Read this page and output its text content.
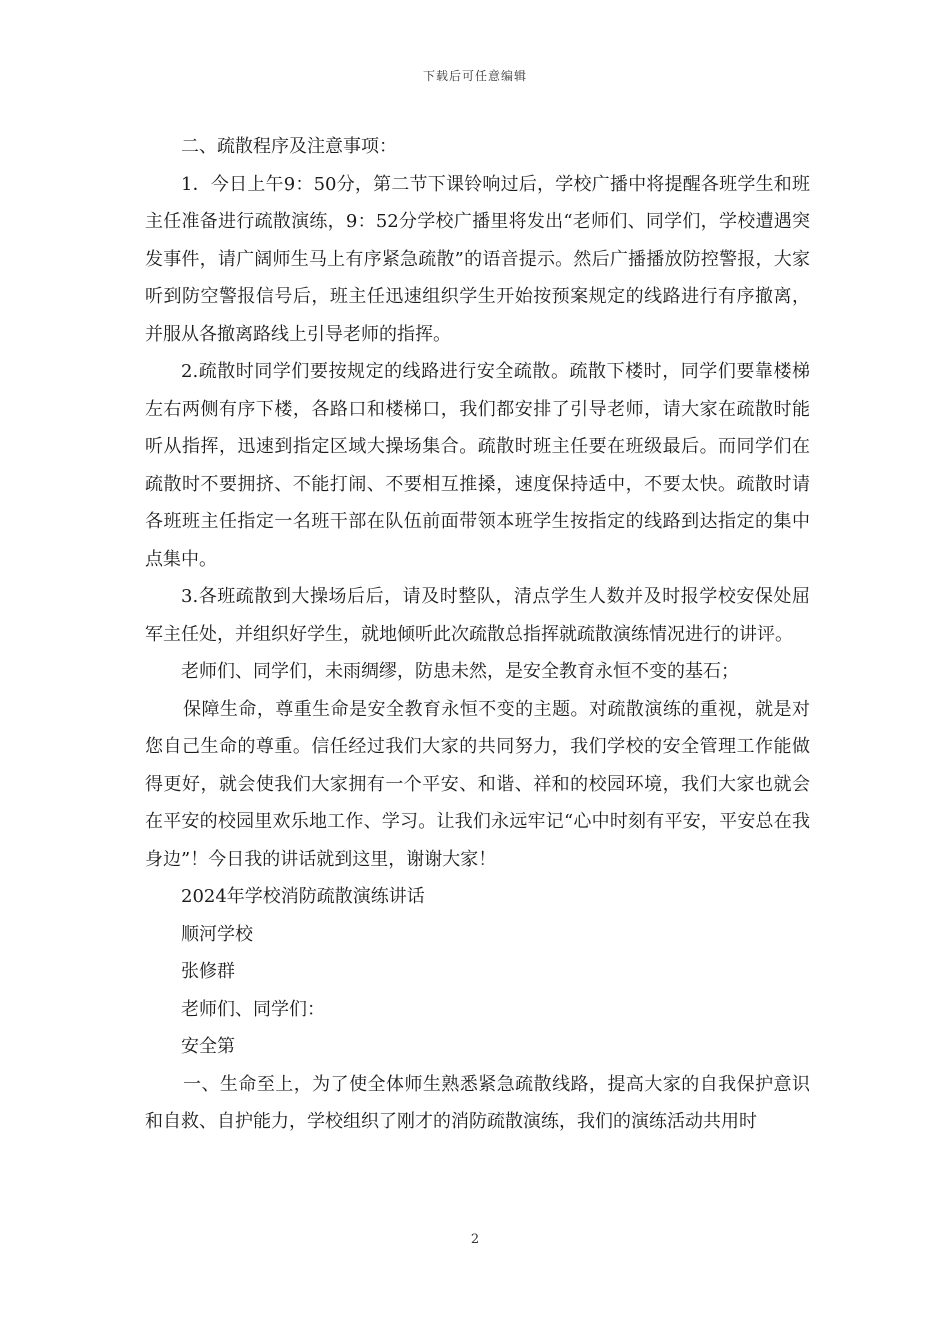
下载后可任意编辑

二、疏散程序及注意事项：

1．今日上午9：50分，第二节下课铃响过后，学校广播中将提醒各班学生和班主任准备进行疏散演练，9：52分学校广播里将发出“老师们、同学们，学校遭遇突发事件，请广阔师生马上有序紧急疏散”的语音提示。然后广播播放防控警报，大家听到防空警报信号后，班主任迅速组织学生开始按预案规定的线路进行有序撤离，并服从各撤离路线上引导老师的指挥。

2.疏散时同学们要按规定的线路进行安全疏散。疏散下楼时，同学们要靠楼梯左右两侧有序下楼，各路口和楼梯口，我们都安排了引导老师，请大家在疏散时能听从指挥，迅速到指定区域大操场集合。疏散时班主任要在班级最后。而同学们在疏散时不要拥挤、不能打闹、不要相互推搡，速度保持适中，不要太快。疏散时请各班班主任指定一名班干部在队伍前面带领本班学生按指定的线路到达指定的集中点集中。

3.各班疏散到大操场后后，请及时整队，清点学生人数并及时报学校安保处屈军主任处，并组织好学生，就地倾听此次疏散总指挥就疏散演练情况进行的讲评。

老师们、同学们，未雨绸缪，防患未然，是安全教育永恒不变的基石；

保障生命，尊重生命是安全教育永恒不变的主题。对疏散演练的重视，就是对您自己生命的尊重。信任经过我们大家的共同努力，我们学校的安全管理工作能做得更好，就会使我们大家拥有一个平安、和谐、祥和的校园环境，我们大家也就会在平安的校园里欢乐地工作、学习。让我们永远牢记“心中时刻有平安，平安总在我身边”！今日我的讲话就到这里，谢谢大家！

2024年学校消防疏散演练讲话

顺河学校

张修群

老师们、同学们：

安全第

一、生命至上，为了使全体师生熟悉紧急疏散线路，提高大家的自我保护意识和自救、自护能力，学校组织了刚才的消防疏散演练，我们的演练活动共用时

2
